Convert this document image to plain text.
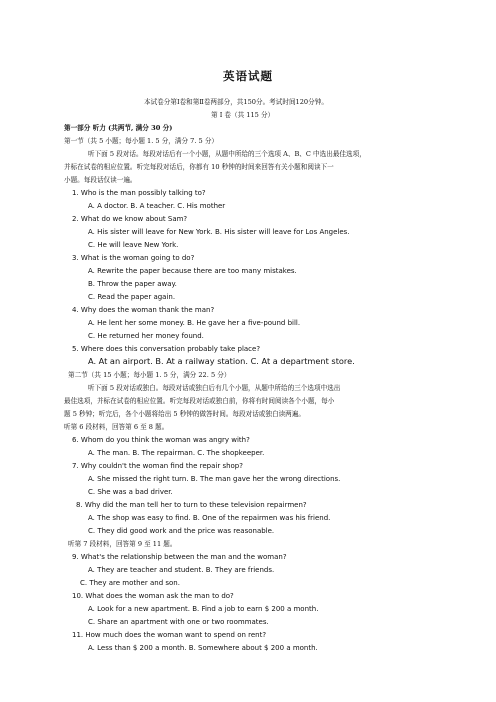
英语试题
本试卷分第Ⅰ卷和第Ⅱ卷两部分，共150分。考试时间120分钟。
第 Ⅰ 卷（共 115 分）
第一部分 听力 (共两节, 满分 30 分)
第一节（共 5 小题；每小题 1. 5 分，满分 7. 5 分）
听下面 5 段对话。每段对话后有一个小题，从题中所给的三个选项 A、B、C 中选出最佳选项，
并标在试卷的相应位置。听完每段对话后，你都有 10 秒钟的时间来回答有关小题和阅读下一
小题。每段话仅读一遍。
1. Who is the man possibly talking to?
A. A doctor. B. A teacher. C. His mother
2. What do we know about Sam?
A. His sister will leave for New York. B. His sister will leave for Los Angeles.
C. He will leave New York.
3. What is the woman going to do?
A. Rewrite the paper because there are too many mistakes.
B. Throw the paper away.
C. Read the paper again.
4. Why does the woman thank the man?
A. He lent her some money. B. He gave her a five-pound bill.
C. He returned her money found.
5. Where does this conversation probably take place?
A. At an airport. B. At a railway station. C. At a department store.
第二节（共 15 小题；每小题 1. 5 分，满分 22. 5 分）
听下面 5 段对话或独白。每段对话或独白后有几个小题，从题中所给的三个选项中选出
最佳选项，并标在试卷的相应位置。听完每段对话或独白前，你将有时间阅读各个小题，每小
题 5 秒钟；听完后，各个小题将给出 5 秒钟的做答时间。每段对话或独白读两遍。
听第 6 段材料，回答第 6 至 8 题。
6. Whom do you think the woman was angry with?
A. The man. B. The repairman. C. The shopkeeper.
7. Why couldn't the woman find the repair shop?
A. She missed the right turn. B. The man gave her the wrong directions.
C. She was a bad driver.
8. Why did the man tell her to turn to these television repairmen?
A. The shop was easy to find. B. One of the repairmen was his friend.
C. They did good work and the price was reasonable.
听第 7 段材料，回答第 9 至 11 题。
9. What's the relationship between the man and the woman?
A. They are teacher and student. B. They are friends.
C. They are mother and son.
10. What does the woman ask the man to do?
A. Look for a new apartment. B. Find a job to earn $ 200 a month.
C. Share an apartment with one or two roommates.
11. How much does the woman want to spend on rent?
A. Less than $ 200 a month. B. Somewhere about $ 200 a month.
